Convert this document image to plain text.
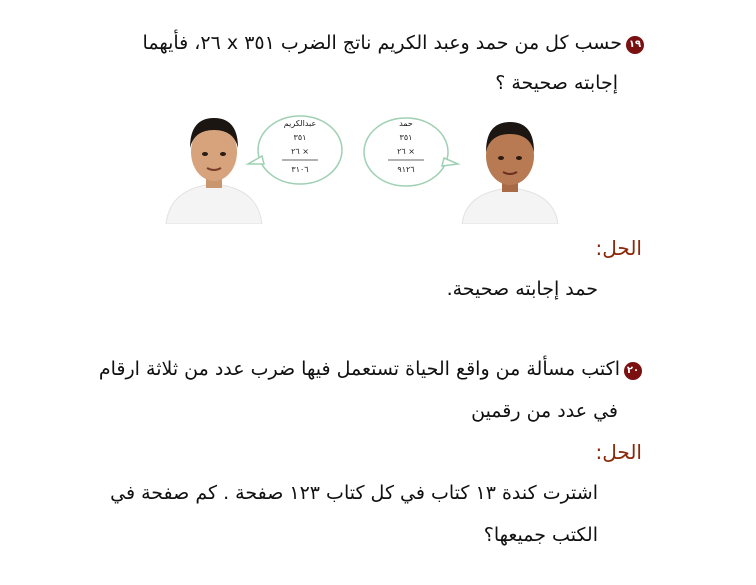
١٩حسب كل من حمد وعبد الكريم ناتج الضرب ٣٥١ x ٢٦، فأيهما
إجابته صحيحة ؟
عبدالكريم
٣٥١
× ٢٦
٣١٠٦
حمد
٣٥١
× ٢٦
٩١٢٦
الحل:
حمد إجابته صحيحة.
٢٠اكتب مسألة من واقع الحياة تستعمل فيها ضرب عدد من ثلاثة ارقام
في عدد من رقمين
الحل:
اشترت كندة ١٣ كتاب في كل كتاب ١٢٣ صفحة . كم صفحة في
الكتب جميعها؟
